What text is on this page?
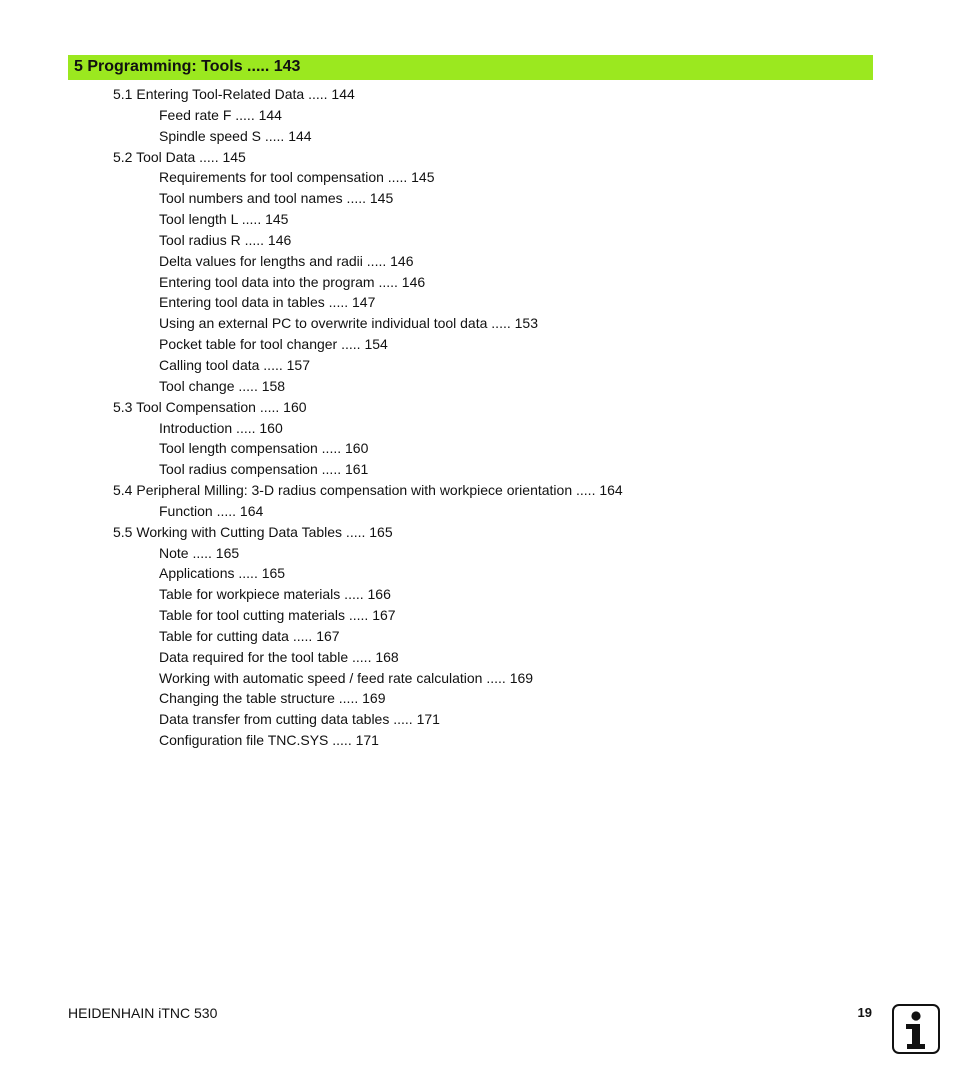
5 Programming: Tools ..... 143
5.1 Entering Tool-Related Data ..... 144
Feed rate F ..... 144
Spindle speed S ..... 144
5.2 Tool Data ..... 145
Requirements for tool compensation ..... 145
Tool numbers and tool names ..... 145
Tool length L ..... 145
Tool radius R ..... 146
Delta values for lengths and radii ..... 146
Entering tool data into the program ..... 146
Entering tool data in tables ..... 147
Using an external PC to overwrite individual tool data ..... 153
Pocket table for tool changer ..... 154
Calling tool data ..... 157
Tool change ..... 158
5.3 Tool Compensation ..... 160
Introduction ..... 160
Tool length compensation ..... 160
Tool radius compensation ..... 161
5.4 Peripheral Milling: 3-D radius compensation with workpiece orientation ..... 164
Function ..... 164
5.5 Working with Cutting Data Tables ..... 165
Note ..... 165
Applications ..... 165
Table for workpiece materials ..... 166
Table for tool cutting materials ..... 167
Table for cutting data ..... 167
Data required for the tool table ..... 168
Working with automatic speed / feed rate calculation ..... 169
Changing the table structure ..... 169
Data transfer from cutting data tables ..... 171
Configuration file TNC.SYS ..... 171
HEIDENHAIN iTNC 530	19
